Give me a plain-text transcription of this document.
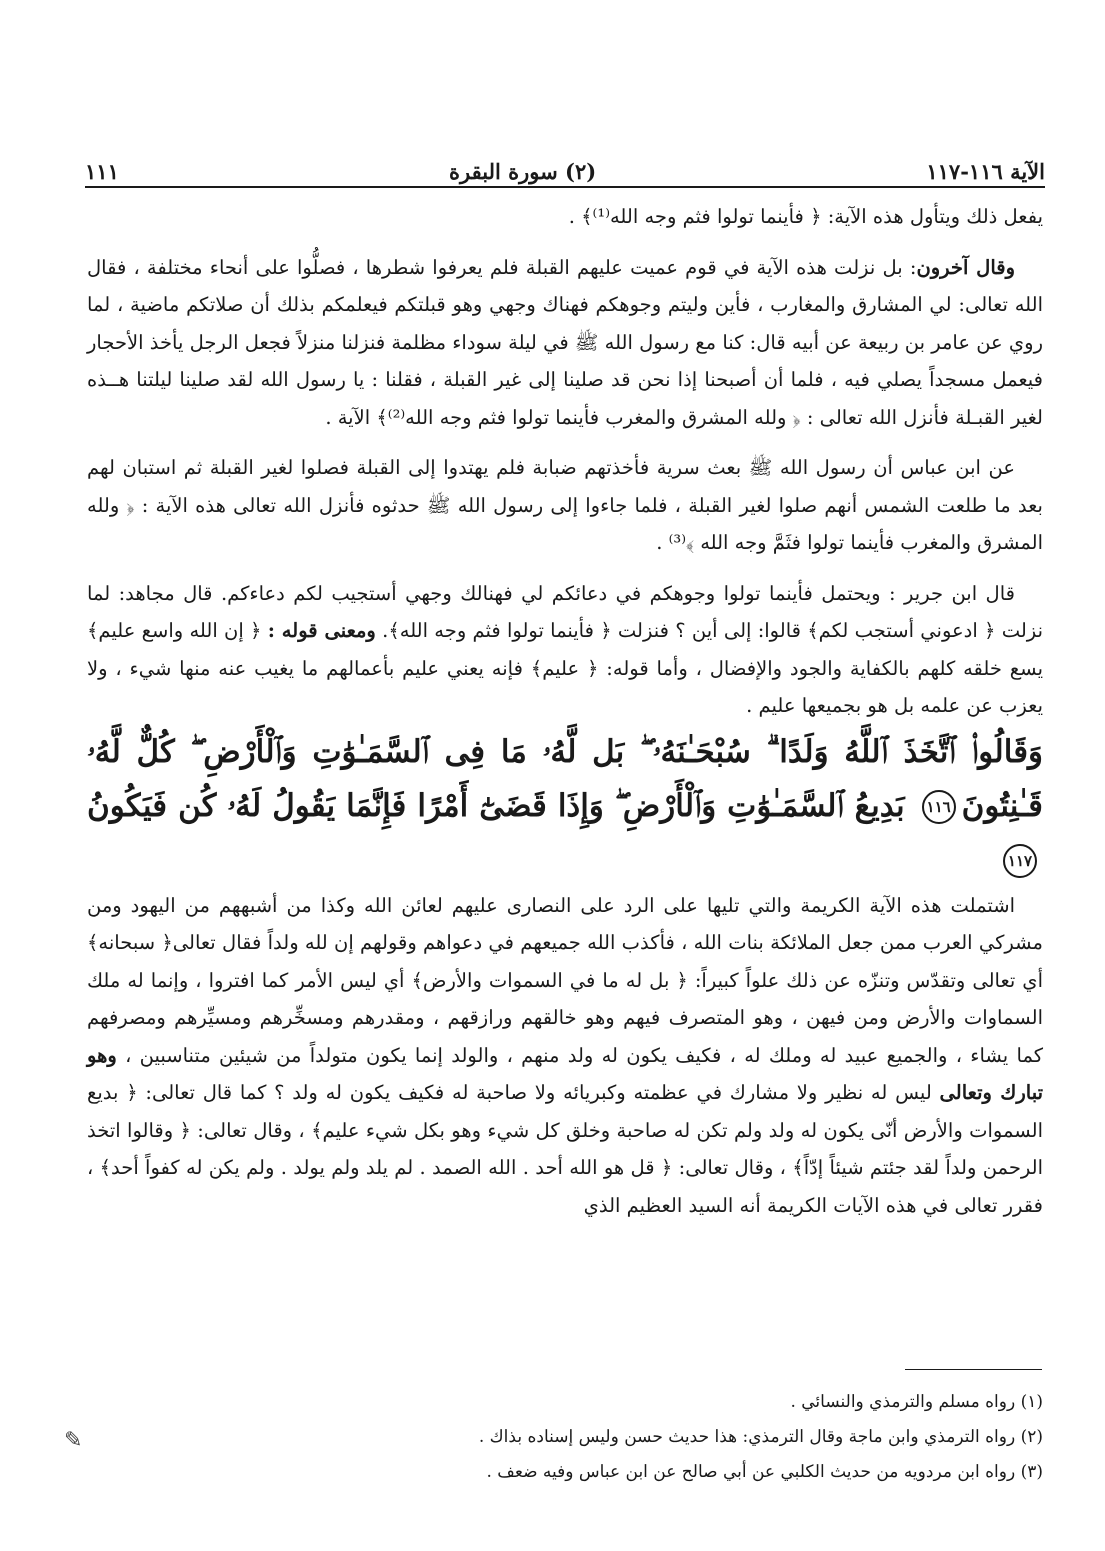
الآية ١١٦-١١٧
(٢) سورة البقرة
١١١

يفعل ذلك ويتأول هذه الآية: ﴿ فأينما تولوا فثم وجه الله⁽¹⁾﴾ .

وقال آخرون: بل نزلت هذه الآية في قوم عميت عليهم القبلة فلم يعرفوا شطرها ، فصلُّوا على أنحاء مختلفة ، فقال الله تعالى: لي المشارق والمغارب ، فأين وليتم وجوهكم فهناك وجهي وهو قبلتكم فيعلمكم بذلك أن صلاتكم ماضية ، لما روي عن عامر بن ربيعة عن أبيه قال: كنا مع رسول الله ﷺ في ليلة سوداء مظلمة فنزلنا منزلاً فجعل الرجل يأخذ الأحجار فيعمل مسجداً يصلي فيه ، فلما أن أصبحنا إذا نحن قد صلينا إلى غير القبلة ، فقلنا : يا رسول الله لقد صلينا ليلتنا هــذه لغير القبـلة فأنزل الله تعالى : ﴿ ولله المشرق والمغرب فأينما تولوا فثم وجه الله⁽²⁾﴾ الآية .

عن ابن عباس أن رسول الله ﷺ بعث سرية فأخذتهم ضبابة فلم يهتدوا إلى القبلة فصلوا لغير القبلة ثم استبان لهم بعد ما طلعت الشمس أنهم صلوا لغير القبلة ، فلما جاءوا إلى رسول الله ﷺ حدثوه فأنزل الله تعالى هذه الآية : ﴿ ولله المشرق والمغرب فأينما تولوا فثَمَّ وجه الله ﴾⁽³⁾ .

قال ابن جرير : ويحتمل فأينما تولوا وجوهكم في دعائكم لي فهنالك وجهي أستجيب لكم دعاءكم. قال مجاهد: لما نزلت ﴿ ادعوني أستجب لكم﴾ قالوا: إلى أين ؟ فنزلت ﴿ فأينما تولوا فثم وجه الله﴾. ومعنى قوله : ﴿ إن الله واسع عليم﴾ يسع خلقه كلهم بالكفاية والجود والإفضال ، وأما قوله: ﴿ عليم﴾ فإنه يعني عليم بأعمالهم ما يغيب عنه منها شيء ، ولا يعزب عن علمه بل هو بجميعها عليم .

وَقَالُوا۟ ٱتَّخَذَ ٱللَّهُ وَلَدًا ۗ سُبْحَـٰنَهُۥ ۖ بَل لَّهُۥ مَا فِى ٱلسَّمَـٰوَٰتِ وَٱلْأَرْضِ ۖ كُلٌّ لَّهُۥ قَـٰنِتُونَ١١٦ بَدِيعُ ٱلسَّمَـٰوَٰتِ وَٱلْأَرْضِ ۖ وَإِذَا قَضَىٰٓ أَمْرًا فَإِنَّمَا يَقُولُ لَهُۥ كُن فَيَكُونُ١١٧

اشتملت هذه الآية الكريمة والتي تليها على الرد على النصارى عليهم لعائن الله وكذا من أشبههم من اليهود ومن مشركي العرب ممن جعل الملائكة بنات الله ، فأكذب الله جميعهم في دعواهم وقولهم إن لله ولداً فقال تعالى﴿ سبحانه﴾ أي تعالى وتقدّس وتنزّه عن ذلك علواً كبيراً: ﴿ بل له ما في السموات والأرض﴾ أي ليس الأمر كما افتروا ، وإنما له ملك السماوات والأرض ومن فيهن ، وهو المتصرف فيهم وهو خالقهم ورازقهم ، ومقدرهم ومسخِّرهم ومسيِّرهم ومصرفهم كما يشاء ، والجميع عبيد له وملك له ، فكيف يكون له ولد منهم ، والولد إنما يكون متولداً من شيئين متناسبين ، وهو تبارك وتعالى ليس له نظير ولا مشارك في عظمته وكبريائه ولا صاحبة له فكيف يكون له ولد ؟ كما قال تعالى: ﴿ بديع السموات والأرض أنّى يكون له ولد ولم تكن له صاحبة وخلق كل شيء وهو بكل شيء عليم﴾ ، وقال تعالى: ﴿ وقالوا اتخذ الرحمن ولداً لقد جئتم شيئاً إدّاً﴾ ، وقال تعالى: ﴿ قل هو الله أحد . الله الصمد . لم يلد ولم يولد . ولم يكن له كفواً أحد﴾ ، فقرر تعالى في هذه الآيات الكريمة أنه السيد العظيم الذي

(١) رواه مسلم والترمذي والنسائي .
(٢) رواه الترمذي وابن ماجة وقال الترمذي: هذا حديث حسن وليس إسناده بذاك .
(٣) رواه ابن مردويه من حديث الكلبي عن أبي صالح عن ابن عباس وفيه ضعف .
✎
